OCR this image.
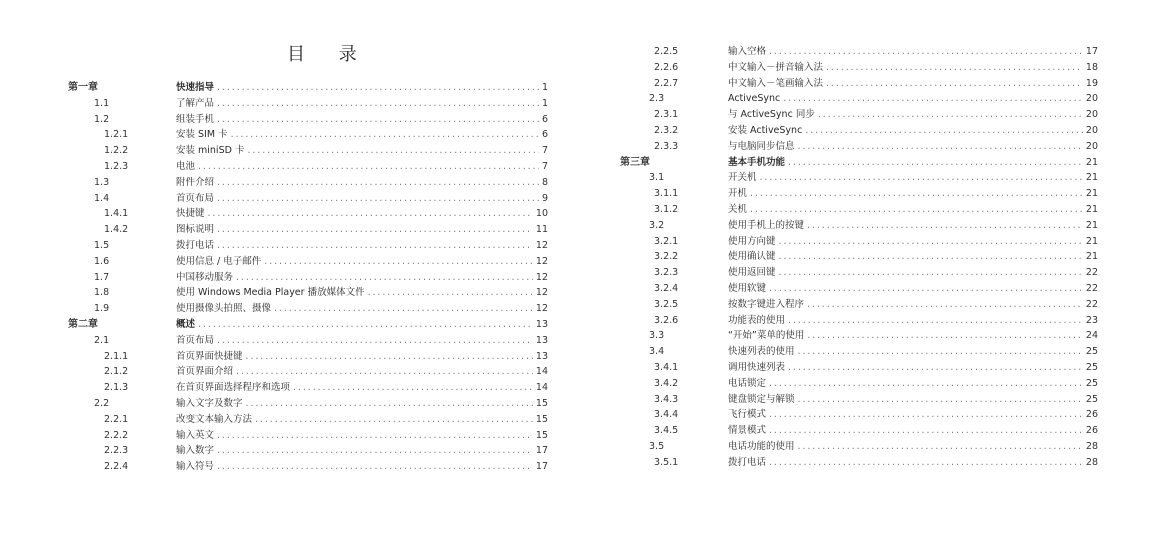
目 录
第一章	快速指导 .....	1
1.1	了解产品 .....	1
1.2	组装手机 .....	6
1.2.1	安装 SIM 卡 .....	6
1.2.2	安装 miniSD 卡 .....	7
1.2.3	电池 .....	7
1.3	附件介绍 .....	8
1.4	首页布局 .....	9
1.4.1	快捷键 .....	10
1.4.2	图标说明 .....	11
1.5	拨打电话 .....	12
1.6	使用信息 / 电子邮件 .....	12
1.7	中国移动服务 .....	12
1.8	使用 Windows Media Player 播放媒体文件 .....	12
1.9	使用摄像头拍照、摄像 .....	12
第二章	概述 .....	13
2.1	首页布局 .....	13
2.1.1	首页界面快捷键 .....	13
2.1.2	首页界面介绍 .....	14
2.1.3	在首页界面选择程序和选项 .....	14
2.2	输入文字及数字 .....	15
2.2.1	改变文本输入方法 .....	15
2.2.2	输入英文 .....	15
2.2.3	输入数字 .....	17
2.2.4	输入符号 .....	17
2.2.5	输入空格 .....	17
2.2.6	中文输入－拼音输入法 .....	18
2.2.7	中文输入－笔画输入法 .....	19
2.3	ActiveSync .....	20
2.3.1	与 ActiveSync 同步 .....	20
2.3.2	安装 ActiveSync .....	20
2.3.3	与电脑同步信息 .....	20
第三章	基本手机功能 .....	21
3.1	开关机 .....	21
3.1.1	开机 .....	21
3.1.2	关机 .....	21
3.2	使用手机上的按键 .....	21
3.2.1	使用方向键 .....	21
3.2.2	使用确认键 .....	21
3.2.3	使用返回键 .....	22
3.2.4	使用软键 .....	22
3.2.5	按数字键进入程序 .....	22
3.2.6	功能表的使用 .....	23
3.3	“开始”菜单的使用 .....	24
3.4	快速列表的使用 .....	25
3.4.1	调用快速列表 .....	25
3.4.2	电话锁定 .....	25
3.4.3	键盘锁定与解锁 .....	25
3.4.4	飞行模式 .....	26
3.4.5	情景模式 .....	26
3.5	电话功能的使用 .....	28
3.5.1	拨打电话 .....	28
